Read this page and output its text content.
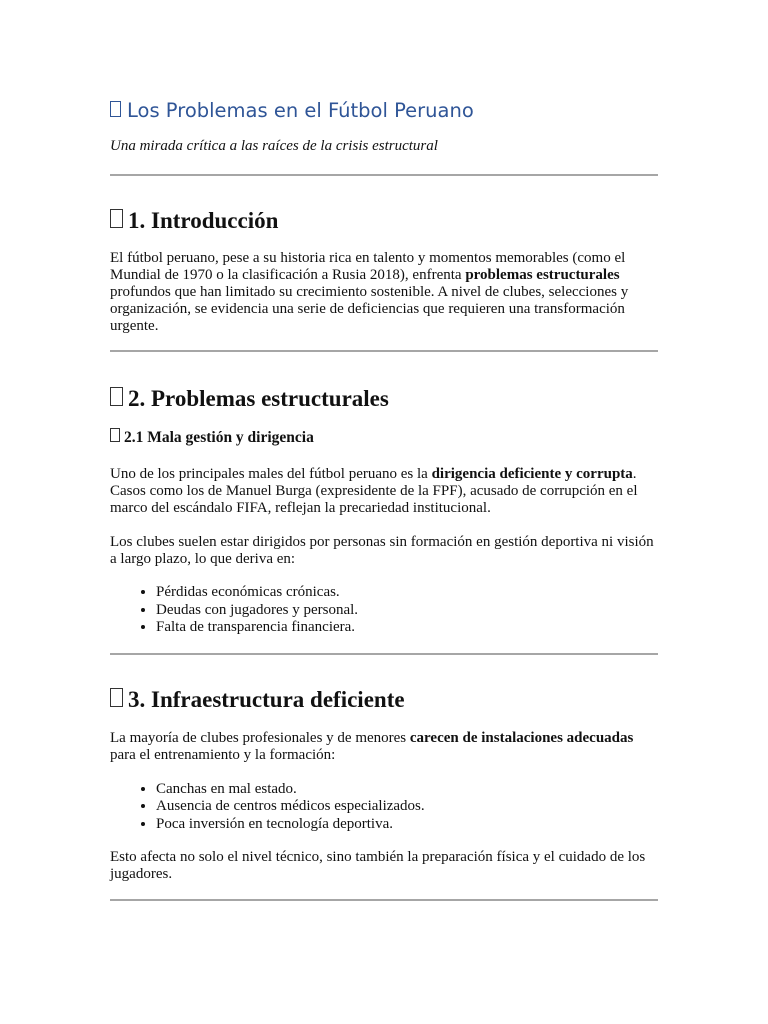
Los Problemas en el Fútbol Peruano

Una mirada crítica a las raíces de la crisis estructural

1. Introducción

El fútbol peruano, pese a su historia rica en talento y momentos memorables (como el Mundial de 1970 o la clasificación a Rusia 2018), enfrenta problemas estructurales profundos que han limitado su crecimiento sostenible. A nivel de clubes, selecciones y organización, se evidencia una serie de deficiencias que requieren una transformación urgente.

2. Problemas estructurales
2.1 Mala gestión y dirigencia

Uno de los principales males del fútbol peruano es la dirigencia deficiente y corrupta. Casos como los de Manuel Burga (expresidente de la FPF), acusado de corrupción en el marco del escándalo FIFA, reflejan la precariedad institucional.

Los clubes suelen estar dirigidos por personas sin formación en gestión deportiva ni visión a largo plazo, lo que deriva en:

• Pérdidas económicas crónicas.
• Deudas con jugadores y personal.
• Falta de transparencia financiera.
3. Infraestructura deficiente

La mayoría de clubes profesionales y de menores carecen de instalaciones adecuadas para el entrenamiento y la formación:

• Canchas en mal estado.
• Ausencia de centros médicos especializados.
• Poca inversión en tecnología deportiva.

Esto afecta no solo el nivel técnico, sino también la preparación física y el cuidado de los jugadores.
